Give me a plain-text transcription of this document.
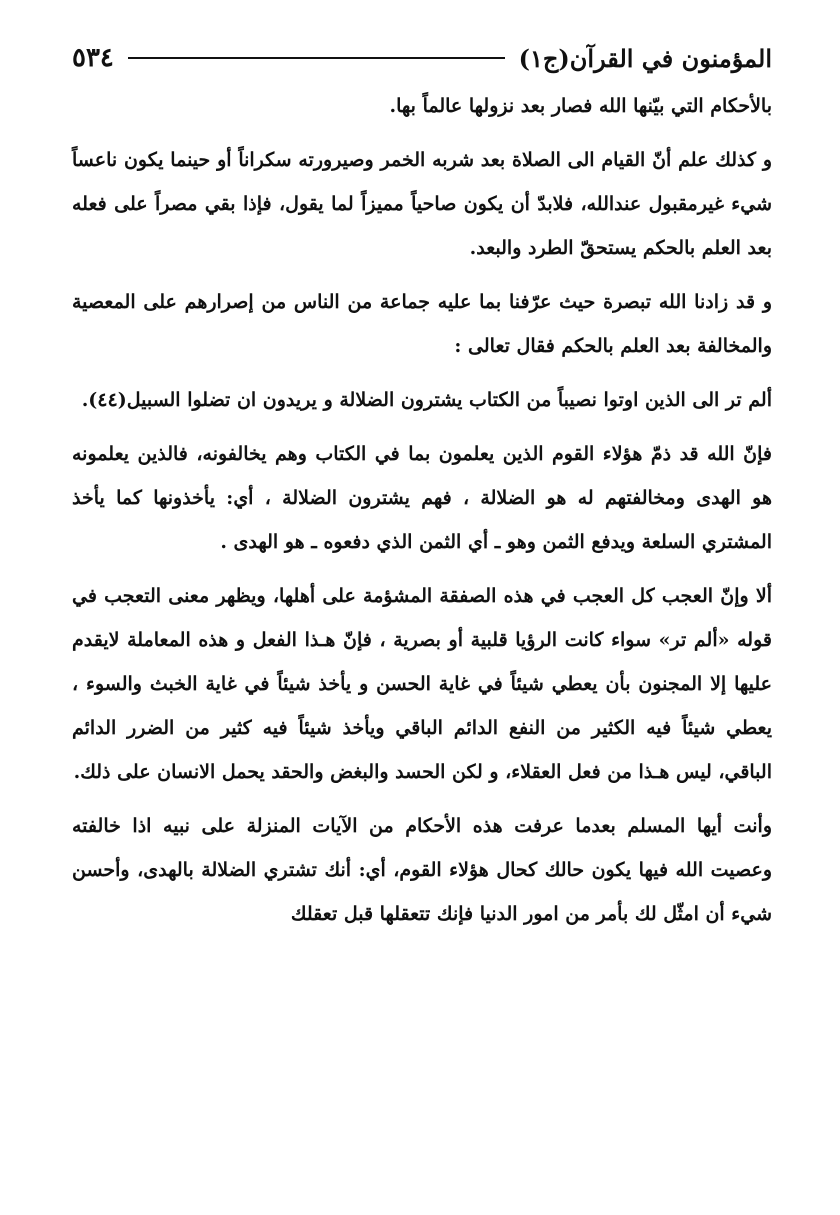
٥٣٤	المؤمنون في القرآن(ج١)

بالأحكام التي بيّنها الله فصار بعد نزولها عالماً بها.

و كذلك علم أنّ القيام الى الصلاة بعد شربه الخمر وصيرورته سكراناً أو حينما يكون ناعساً شيء غيرمقبول عندالله، فلابدّ أن يكون صاحياً مميزاً لما يقول، فإذا بقي مصراً على فعله بعد العلم بالحكم يستحقّ الطرد والبعد.

و قد زادنا الله تبصرة حيث عرّفنا بما عليه جماعة من الناس من إصرارهم على المعصية والمخالفة بعد العلم بالحكم فقال تعالى :

ألم تر الى الذين اوتوا نصيباً من الكتاب يشترون الضلالة و يريدون ان تضلوا السبيل(٤٤).

فإنّ الله قد ذمّ هؤلاء القوم الذين يعلمون بما في الكتاب وهم يخالفونه، فالذين يعلمونه هو الهدى ومخالفتهم له هو الضلالة ، فهم يشترون الضلالة ، أي: يأخذونها كما يأخذ المشتري السلعة ويدفع الثمن وهو ـ أي الثمن الذي دفعوه ـ هو الهدى .

ألا وإنّ العجب كل العجب في هذه الصفقة المشؤمة على أهلها، ويظهر معنى التعجب في قوله «ألم تر» سواء كانت الرؤيا قلبية أو بصرية ، فإنّ هـذا الفعل و هذه المعاملة لايقدم عليها إلا المجنون بأن يعطي شيئاً في غاية الحسن و يأخذ شيئاً في غاية الخبث والسوء ، يعطي شيئاً فيه الكثير من النفع الدائم الباقي ويأخذ شيئاً فيه كثير من الضرر الدائم الباقي، ليس هـذا من فعل العقلاء، و لكن الحسد والبغض والحقد يحمل الانسان على ذلك.

وأنت أيها المسلم بعدما عرفت هذه الأحكام من الآيات المنزلة على نبيه اذا خالفته وعصيت الله فيها يكون حالك كحال هؤلاء القوم، أي: أنك تشتري الضلالة بالهدى، وأحسن شيء أن امثّل لك بأمر من امور الدنيا فإنك تتعقلها قبل تعقلك
